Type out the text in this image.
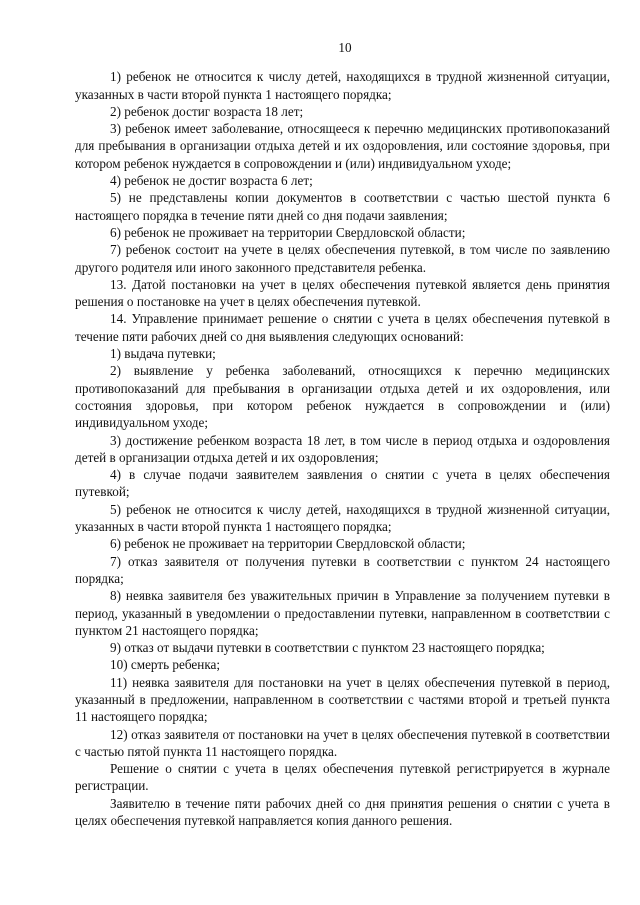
10

1) ребенок не относится к числу детей, находящихся в трудной жизненной ситуации, указанных в части второй пункта 1 настоящего порядка;

2) ребенок достиг возраста 18 лет;

3) ребенок имеет заболевание, относящееся к перечню медицинских противопоказаний для пребывания в организации отдыха детей и их оздоровления, или состояние здоровья, при котором ребенок нуждается в сопровождении и (или) индивидуальном уходе;

4) ребенок не достиг возраста 6 лет;

5) не представлены копии документов в соответствии с частью шестой пункта 6 настоящего порядка в течение пяти дней со дня подачи заявления;

6) ребенок не проживает на территории Свердловской области;

7) ребенок состоит на учете в целях обеспечения путевкой, в том числе по заявлению другого родителя или иного законного представителя ребенка.

13. Датой постановки на учет в целях обеспечения путевкой является день принятия решения о постановке на учет в целях обеспечения путевкой.

14. Управление принимает решение о снятии с учета в целях обеспечения путевкой в течение пяти рабочих дней со дня выявления следующих оснований:

1) выдача путевки;

2) выявление у ребенка заболеваний, относящихся к перечню медицинских противопоказаний для пребывания в организации отдыха детей и их оздоровления, или состояния здоровья, при котором ребенок нуждается в сопровождении и (или) индивидуальном уходе;

3) достижение ребенком возраста 18 лет, в том числе в период отдыха и оздоровления детей в организации отдыха детей и их оздоровления;

4) в случае подачи заявителем заявления о снятии с учета в целях обеспечения путевкой;

5) ребенок не относится к числу детей, находящихся в трудной жизненной ситуации, указанных в части второй пункта 1 настоящего порядка;

6) ребенок не проживает на территории Свердловской области;

7) отказ заявителя от получения путевки в соответствии с пунктом 24 настоящего порядка;

8) неявка заявителя без уважительных причин в Управление за получением путевки в период, указанный в уведомлении о предоставлении путевки, направленном в соответствии с пунктом 21 настоящего порядка;

9) отказ от выдачи путевки в соответствии с пунктом 23 настоящего порядка;

10) смерть ребенка;

11) неявка заявителя для постановки на учет в целях обеспечения путевкой в период, указанный в предложении, направленном в соответствии с частями второй и третьей пункта 11 настоящего порядка;

12) отказ заявителя от постановки на учет в целях обеспечения путевкой в соответствии с частью пятой пункта 11 настоящего порядка.

Решение о снятии с учета в целях обеспечения путевкой регистрируется в журнале регистрации.

Заявителю в течение пяти рабочих дней со дня принятия решения о снятии с учета в целях обеспечения путевкой направляется копия данного решения.
